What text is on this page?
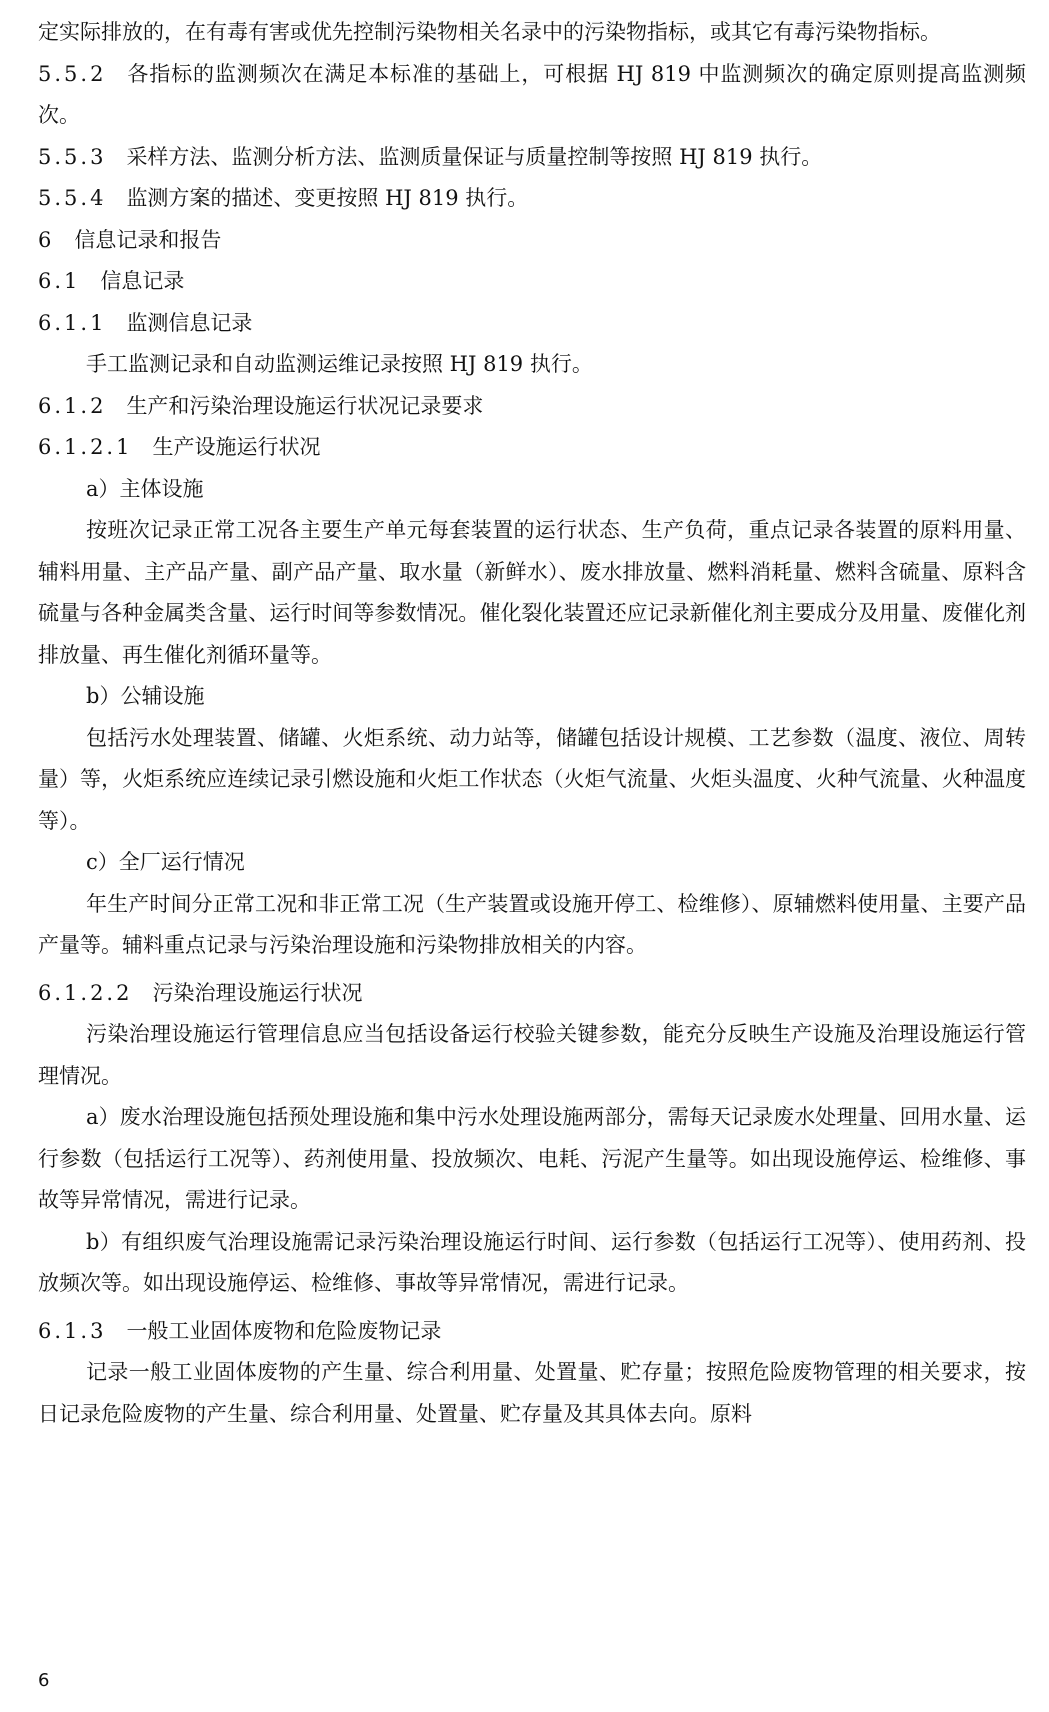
定实际排放的，在有毒有害或优先控制污染物相关名录中的污染物指标，或其它有毒污染物指标。

5.5.2 各指标的监测频次在满足本标准的基础上，可根据 HJ 819 中监测频次的确定原则提高监测频次。

5.5.3 采样方法、监测分析方法、监测质量保证与质量控制等按照 HJ 819 执行。

5.5.4 监测方案的描述、变更按照 HJ 819 执行。

6 信息记录和报告
6.1 信息记录
6.1.1 监测信息记录

手工监测记录和自动监测运维记录按照 HJ 819 执行。

6.1.2 生产和污染治理设施运行状况记录要求
6.1.2.1 生产设施运行状况

a）主体设施

按班次记录正常工况各主要生产单元每套装置的运行状态、生产负荷，重点记录各装置的原料用量、辅料用量、主产品产量、副产品产量、取水量（新鲜水）、废水排放量、燃料消耗量、燃料含硫量、原料含硫量与各种金属类含量、运行时间等参数情况。催化裂化装置还应记录新催化剂主要成分及用量、废催化剂排放量、再生催化剂循环量等。

b）公辅设施

包括污水处理装置、储罐、火炬系统、动力站等，储罐包括设计规模、工艺参数（温度、液位、周转量）等，火炬系统应连续记录引燃设施和火炬工作状态（火炬气流量、火炬头温度、火种气流量、火种温度等）。

c）全厂运行情况

年生产时间分正常工况和非正常工况（生产装置或设施开停工、检维修）、原辅燃料使用量、主要产品产量等。辅料重点记录与污染治理设施和污染物排放相关的内容。

6.1.2.2 污染治理设施运行状况

污染治理设施运行管理信息应当包括设备运行校验关键参数，能充分反映生产设施及治理设施运行管理情况。

a）废水治理设施包括预处理设施和集中污水处理设施两部分，需每天记录废水处理量、回用水量、运行参数（包括运行工况等）、药剂使用量、投放频次、电耗、污泥产生量等。如出现设施停运、检维修、事故等异常情况，需进行记录。

b）有组织废气治理设施需记录污染治理设施运行时间、运行参数（包括运行工况等）、使用药剂、投放频次等。如出现设施停运、检维修、事故等异常情况，需进行记录。

6.1.3 一般工业固体废物和危险废物记录

记录一般工业固体废物的产生量、综合利用量、处置量、贮存量；按照危险废物管理的相关要求，按日记录危险废物的产生量、综合利用量、处置量、贮存量及其具体去向。原料

6
